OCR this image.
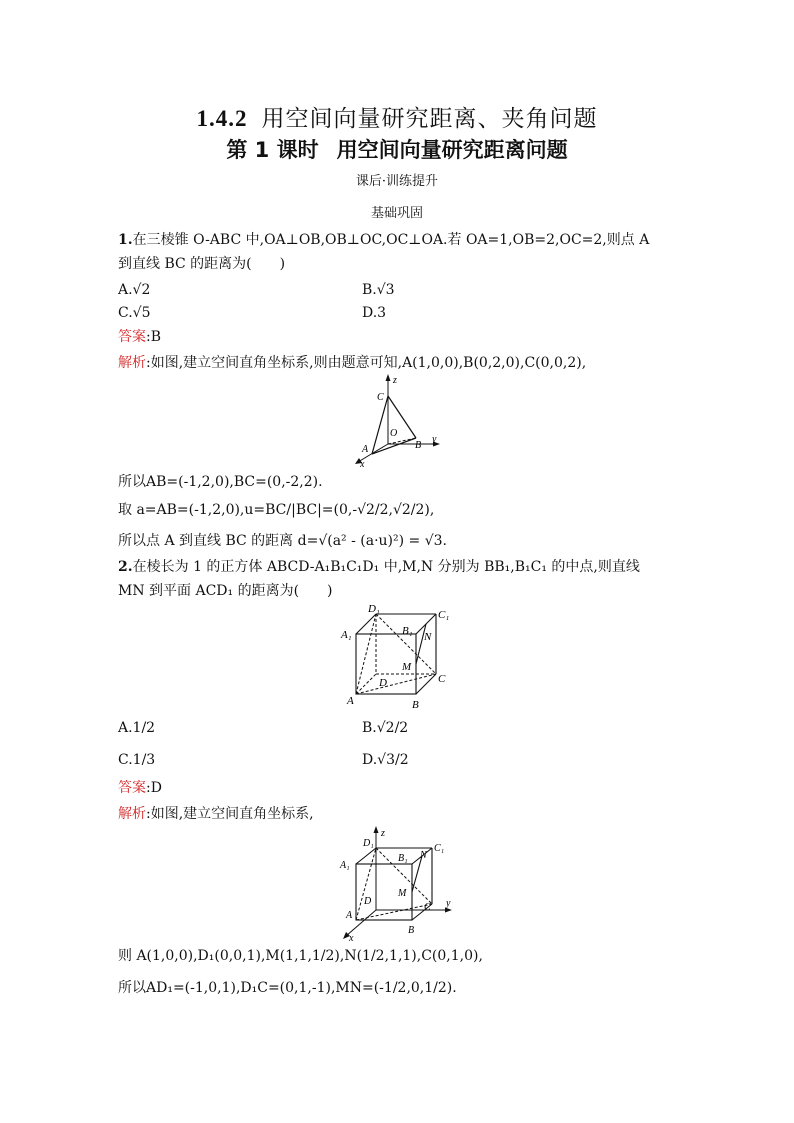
1.4.2 用空间向量研究距离、夹角问题
第 1 课时 用空间向量研究距离问题
课后·训练提升
基础巩固
1.在三棱锥 O-ABC 中,OA⊥OB,OB⊥OC,OC⊥OA.若 OA=1,OB=2,OC=2,则点 A
到直线 BC 的距离为(　　)
A.√2	B.√3
C.√5	D.3
答案:B
解析:如图,建立空间直角坐标系,则由题意可知,A(1,0,0),B(0,2,0),C(0,0,2),
z
C
O
A	B
y
x
所以AB=(-1,2,0),BC=(0,-2,2).
取 a=AB=(-1,2,0),u=BC/|BC|=(0,-√2/2,√2/2),
所以点 A 到直线 BC 的距离 d=√(a² - (a·u)²) = √3.
2.在棱长为 1 的正方体 ABCD-A₁B₁C₁D₁ 中,M,N 分别为 BB₁,B₁C₁ 的中点,则直线
MN 到平面 ACD₁ 的距离为(　　)
D₁	C₁
A₁	B₁ N
M
D	C
A	B
A.1/2	B.√2/2
C.1/3	D.√3/2
答案:D
解析:如图,建立空间直角坐标系,
z
D₁	C₁
A₁
B₁ N
M
D
C y
A
B
x
则 A(1,0,0),D₁(0,0,1),M(1,1,1/2),N(1/2,1,1),C(0,1,0),
所以AD₁=(-1,0,1),D₁C=(0,1,-1),MN=(-1/2,0,1/2).
